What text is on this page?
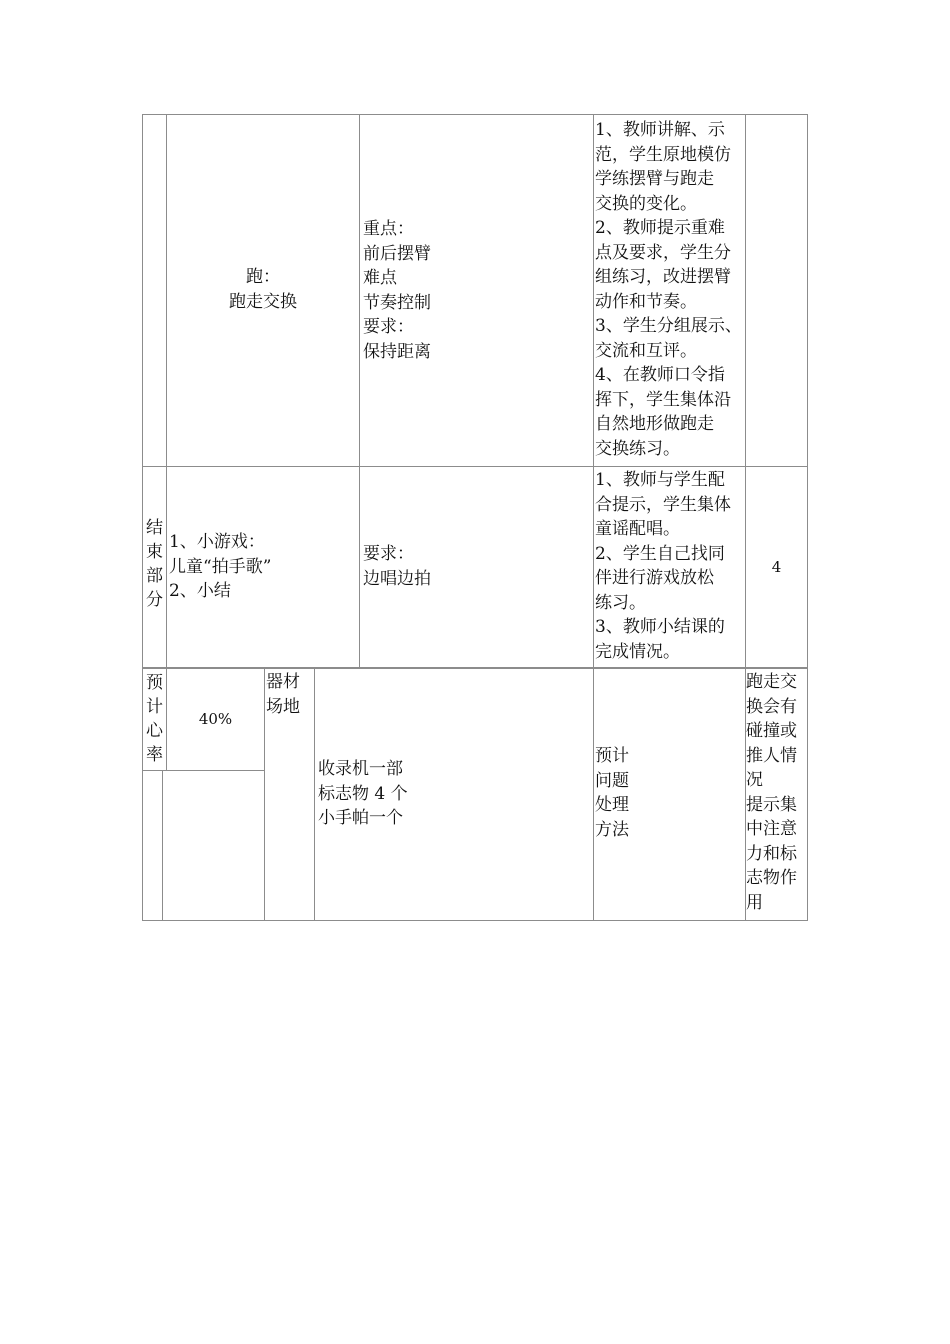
跑：
跑走交换
重点：
前后摆臂
难点
节奏控制
要求：
保持距离
1、教师讲解、示
范，学生原地模仿
学练摆臂与跑走
交换的变化。
2、教师提示重难
点及要求，学生分
组练习，改进摆臂
动作和节奏。
3、学生分组展示、
交流和互评。
4、在教师口令指
挥下，学生集体沿
自然地形做跑走
交换练习。
结
束
部
分
1、小游戏：
儿童“拍手歌”
2、小结
要求：
边唱边拍
1、教师与学生配
合提示，学生集体
童谣配唱。
2、学生自己找同
伴进行游戏放松
练习。
3、教师小结课的
完成情况。
4
预
计
心
率
40%
器材
场地
收录机一部
标志物 4 个
小手帕一个
预计
问题
处理
方法
跑走交
换会有
碰撞或
推人情
况
提示集
中注意
力和标
志物作
用
